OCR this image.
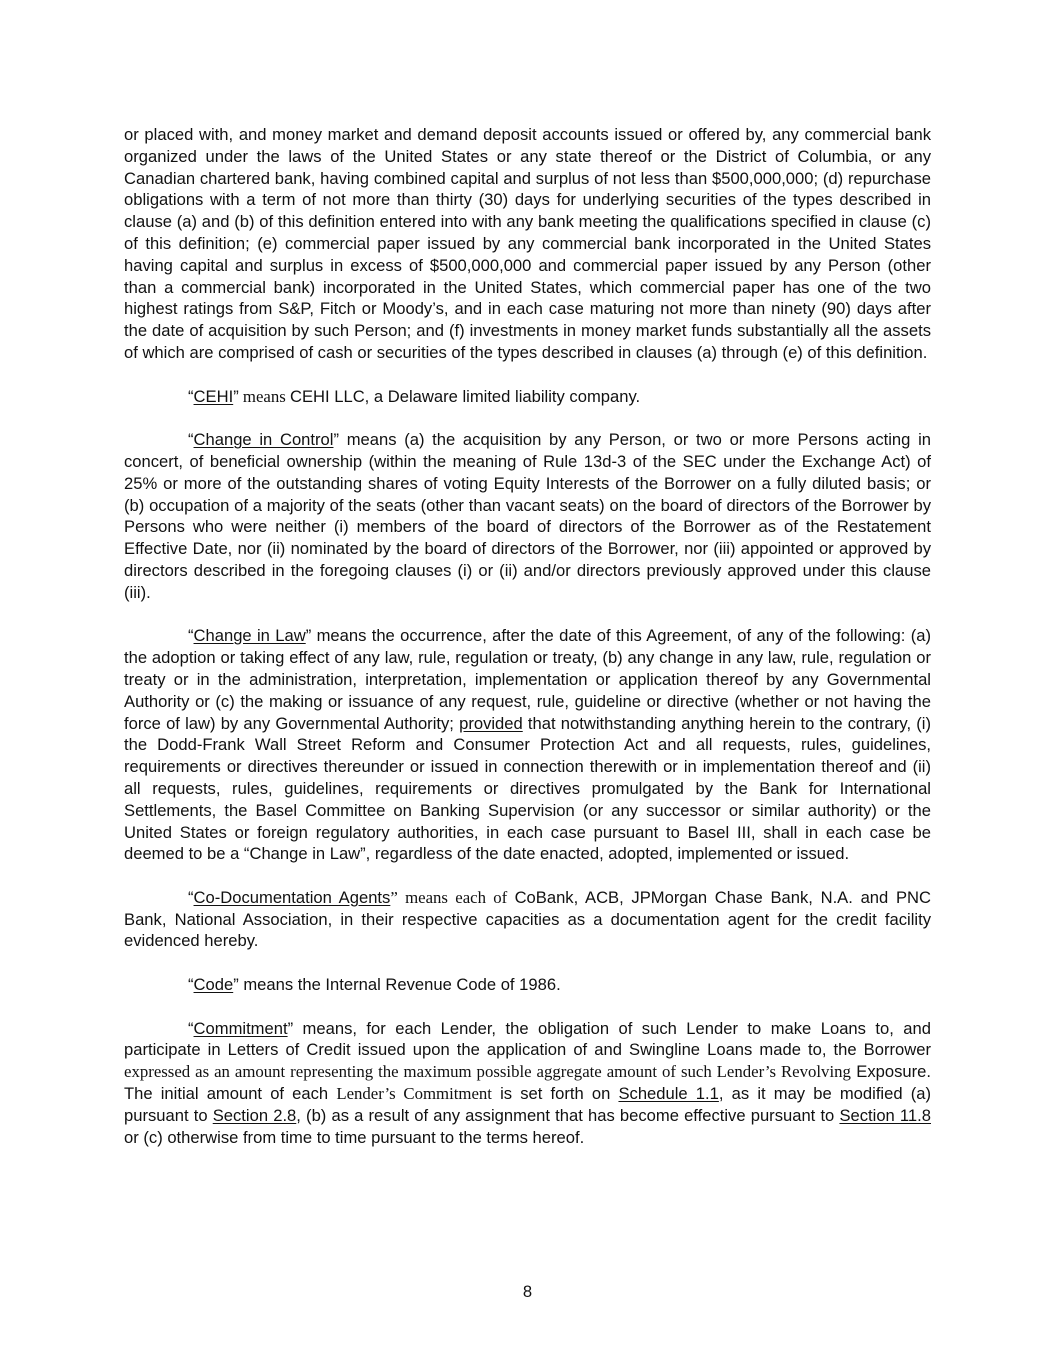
or placed with, and money market and demand deposit accounts issued or offered by, any commercial bank organized under the laws of the United States or any state thereof or the District of Columbia, or any Canadian chartered bank, having combined capital and surplus of not less than $500,000,000; (d) repurchase obligations with a term of not more than thirty (30) days for underlying securities of the types described in clause (a) and (b) of this definition entered into with any bank meeting the qualifications specified in clause (c) of this definition; (e) commercial paper issued by any commercial bank incorporated in the United States having capital and surplus in excess of $500,000,000 and commercial paper issued by any Person (other than a commercial bank) incorporated in the United States, which commercial paper has one of the two highest ratings from S&P, Fitch or Moody’s, and in each case maturing not more than ninety (90) days after the date of acquisition by such Person; and (f) investments in money market funds substantially all the assets of which are comprised of cash or securities of the types described in clauses (a) through (e) of this definition.

“CEHI” means CEHI LLC, a Delaware limited liability company.

“Change in Control” means (a) the acquisition by any Person, or two or more Persons acting in concert, of beneficial ownership (within the meaning of Rule 13d-3 of the SEC under the Exchange Act) of 25% or more of the outstanding shares of voting Equity Interests of the Borrower on a fully diluted basis; or (b) occupation of a majority of the seats (other than vacant seats) on the board of directors of the Borrower by Persons who were neither (i) members of the board of directors of the Borrower as of the Restatement Effective Date, nor (ii) nominated by the board of directors of the Borrower, nor (iii) appointed or approved by directors described in the foregoing clauses (i) or (ii) and/or directors previously approved under this clause (iii).

“Change in Law” means the occurrence, after the date of this Agreement, of any of the following: (a) the adoption or taking effect of any law, rule, regulation or treaty, (b) any change in any law, rule, regulation or treaty or in the administration, interpretation, implementation or application thereof by any Governmental Authority or (c) the making or issuance of any request, rule, guideline or directive (whether or not having the force of law) by any Governmental Authority; provided that notwithstanding anything herein to the contrary, (i) the Dodd-Frank Wall Street Reform and Consumer Protection Act and all requests, rules, guidelines, requirements or directives thereunder or issued in connection therewith or in implementation thereof and (ii) all requests, rules, guidelines, requirements or directives promulgated by the Bank for International Settlements, the Basel Committee on Banking Supervision (or any successor or similar authority) or the United States or foreign regulatory authorities, in each case pursuant to Basel III, shall in each case be deemed to be a “Change in Law”, regardless of the date enacted, adopted, implemented or issued.

“Co-Documentation Agents” means each of CoBank, ACB, JPMorgan Chase Bank, N.A. and PNC Bank, National Association, in their respective capacities as a documentation agent for the credit facility evidenced hereby.

“Code” means the Internal Revenue Code of 1986.

“Commitment” means, for each Lender, the obligation of such Lender to make Loans to, and participate in Letters of Credit issued upon the application of and Swingline Loans made to, the Borrower expressed as an amount representing the maximum possible aggregate amount of such Lender’s Revolving Exposure. The initial amount of each Lender’s Commitment is set forth on Schedule 1.1, as it may be modified (a) pursuant to Section 2.8, (b) as a result of any assignment that has become effective pursuant to Section 11.8 or (c) otherwise from time to time pursuant to the terms hereof.

8
